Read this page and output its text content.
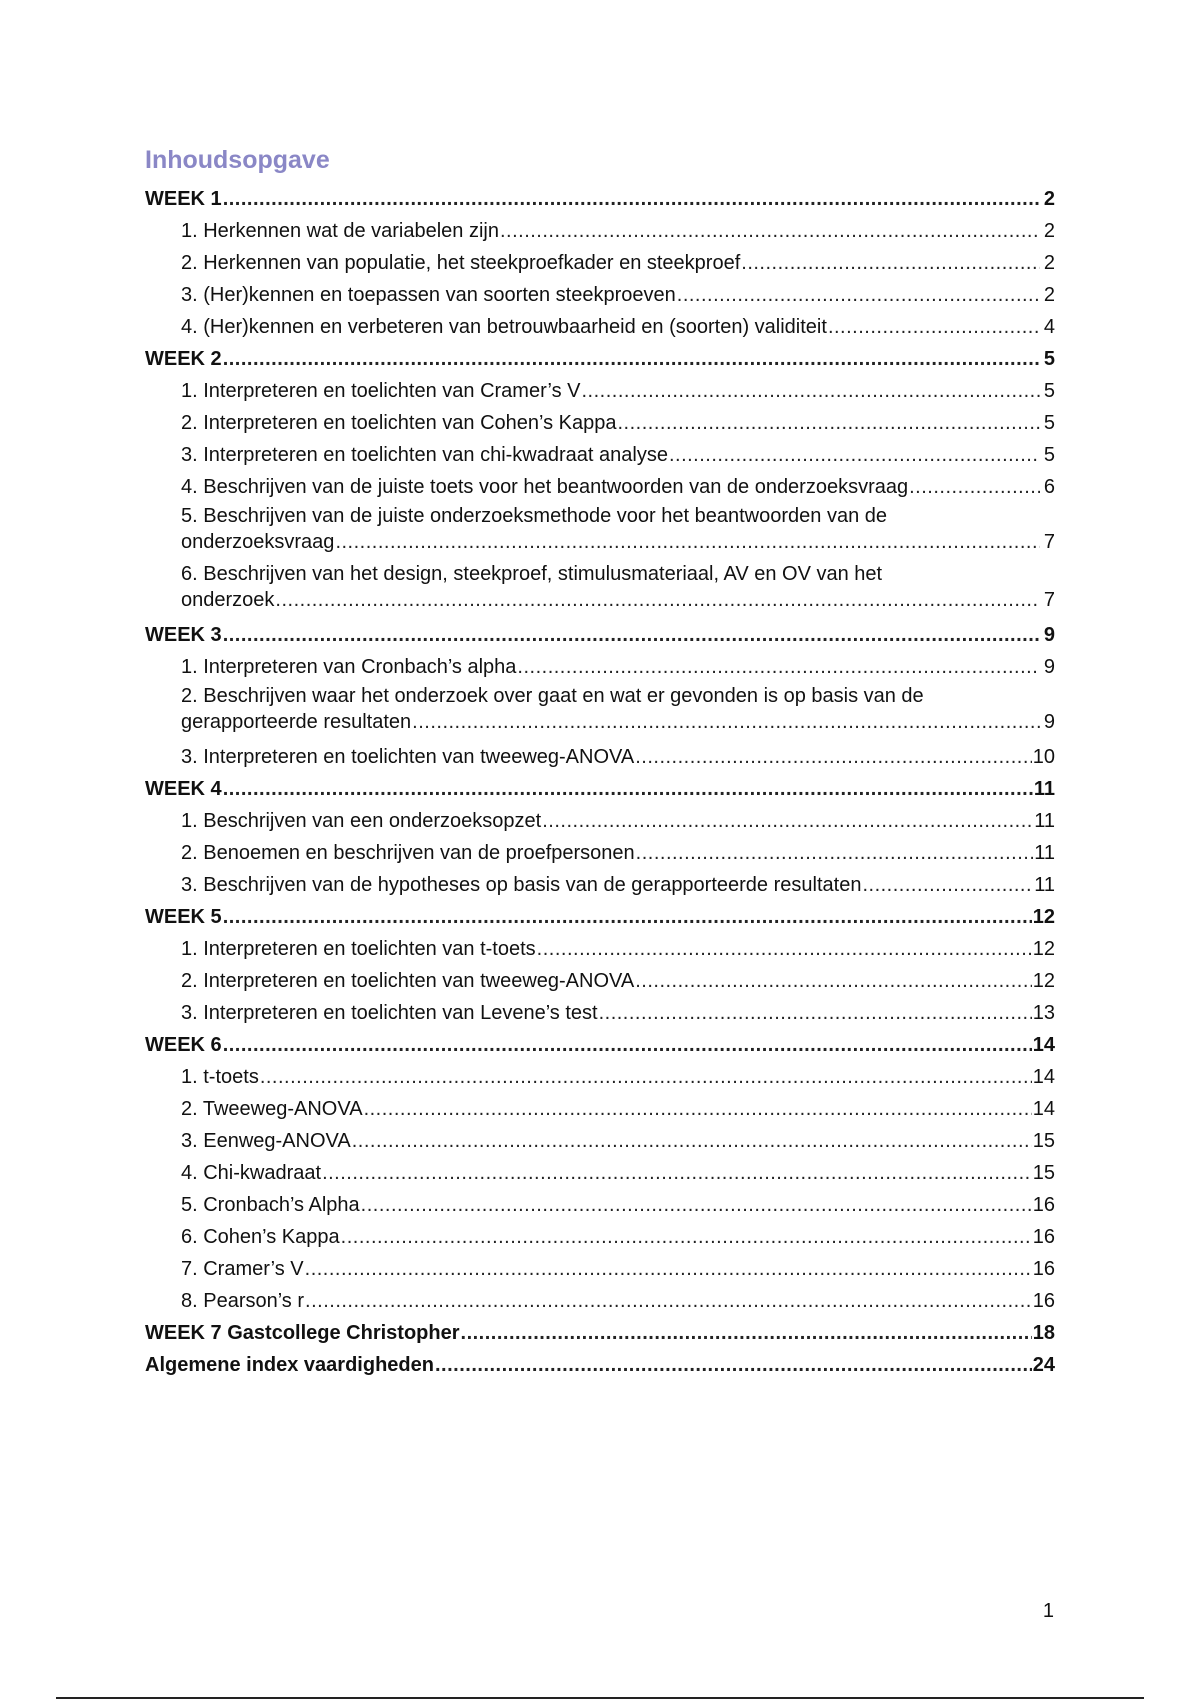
Inhoudsopgave
WEEK 1 .....	2
1. Herkennen wat de variabelen zijn .....	2
2. Herkennen van populatie, het steekproefkader en steekproef .....	2
3. (Her)kennen en toepassen van soorten steekproeven .....	2
4. (Her)kennen en verbeteren van betrouwbaarheid en (soorten) validiteit .....	4
WEEK 2 .....	5
1. Interpreteren en toelichten van Cramer’s V .....	5
2. Interpreteren en toelichten van Cohen’s Kappa .....	5
3. Interpreteren en toelichten van chi-kwadraat analyse .....	5
4. Beschrijven van de juiste toets voor het beantwoorden van de onderzoeksvraag .....	6
5. Beschrijven van de juiste onderzoeksmethode voor het beantwoorden van de
onderzoeksvraag .....	7
6. Beschrijven van het design, steekproef, stimulusmateriaal, AV en OV van het
onderzoek .....	7
WEEK 3 .....	9
1. Interpreteren van Cronbach’s alpha .....	9
2. Beschrijven waar het onderzoek over gaat en wat er gevonden is op basis van de
gerapporteerde resultaten .....	9
3. Interpreteren en toelichten van tweeweg-ANOVA .....	10
WEEK 4 .....	11
1. Beschrijven van een onderzoeksopzet .....	11
2. Benoemen en beschrijven van de proefpersonen .....	11
3. Beschrijven van de hypotheses op basis van de gerapporteerde resultaten .....	11
WEEK 5 .....	12
1. Interpreteren en toelichten van t-toets .....	12
2. Interpreteren en toelichten van tweeweg-ANOVA .....	12
3. Interpreteren en toelichten van Levene’s test .....	13
WEEK 6 .....	14
1. t-toets .....	14
2. Tweeweg-ANOVA .....	14
3. Eenweg-ANOVA .....	15
4. Chi-kwadraat .....	15
5. Cronbach’s Alpha .....	16
6. Cohen’s Kappa .....	16
7. Cramer’s V .....	16
8. Pearson’s r .....	16
WEEK 7 Gastcollege Christopher .....	18
Algemene index vaardigheden .....	24
1
